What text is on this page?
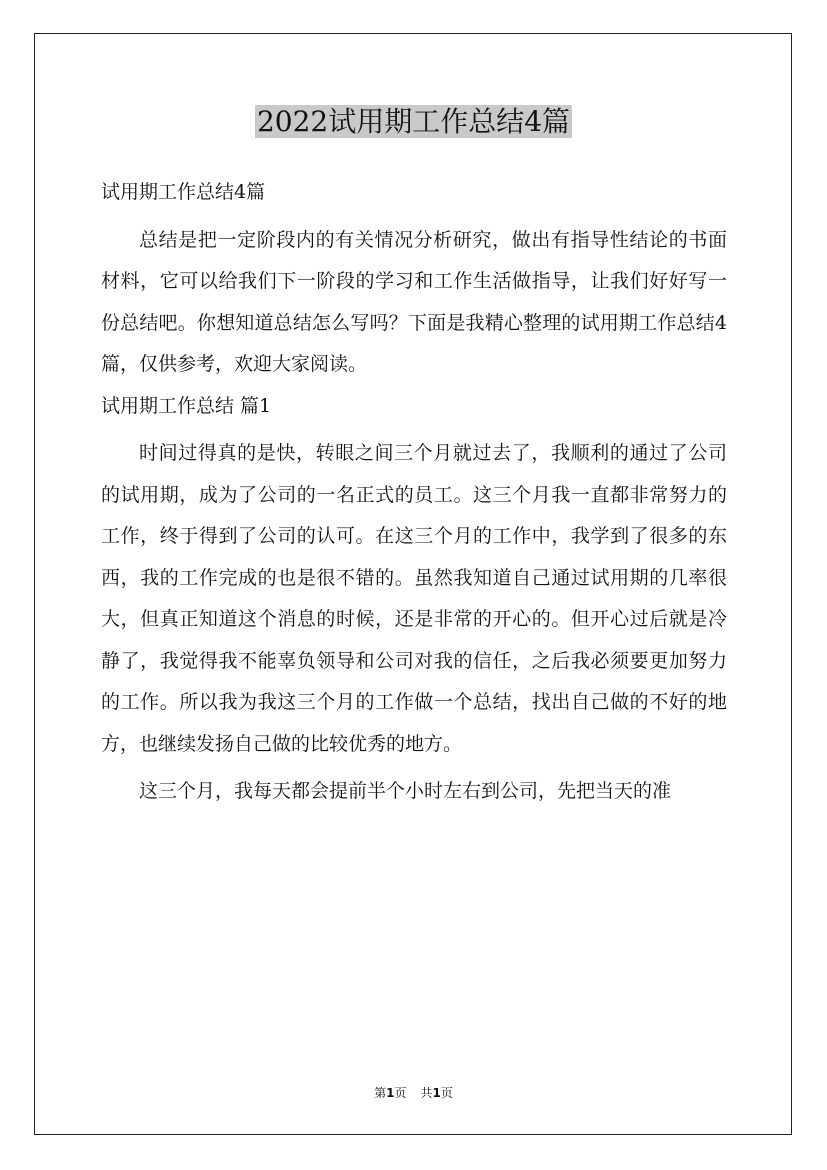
2022试用期工作总结4篇

试用期工作总结4篇

总结是把一定阶段内的有关情况分析研究，做出有指导性结论的书面材料，它可以给我们下一阶段的学习和工作生活做指导，让我们好好写一份总结吧。你想知道总结怎么写吗？下面是我精心整理的试用期工作总结4篇，仅供参考，欢迎大家阅读。

试用期工作总结 篇1

时间过得真的是快，转眼之间三个月就过去了，我顺利的通过了公司的试用期，成为了公司的一名正式的员工。这三个月我一直都非常努力的工作，终于得到了公司的认可。在这三个月的工作中，我学到了很多的东西，我的工作完成的也是很不错的。虽然我知道自己通过试用期的几率很大，但真正知道这个消息的时候，还是非常的开心的。但开心过后就是冷静了，我觉得我不能辜负领导和公司对我的信任，之后我必须要更加努力的工作。所以我为我这三个月的工作做一个总结，找出自己做的不好的地方，也继续发扬自己做的比较优秀的地方。

这三个月，我每天都会提前半个小时左右到公司，先把当天的准

第1页 共1页
